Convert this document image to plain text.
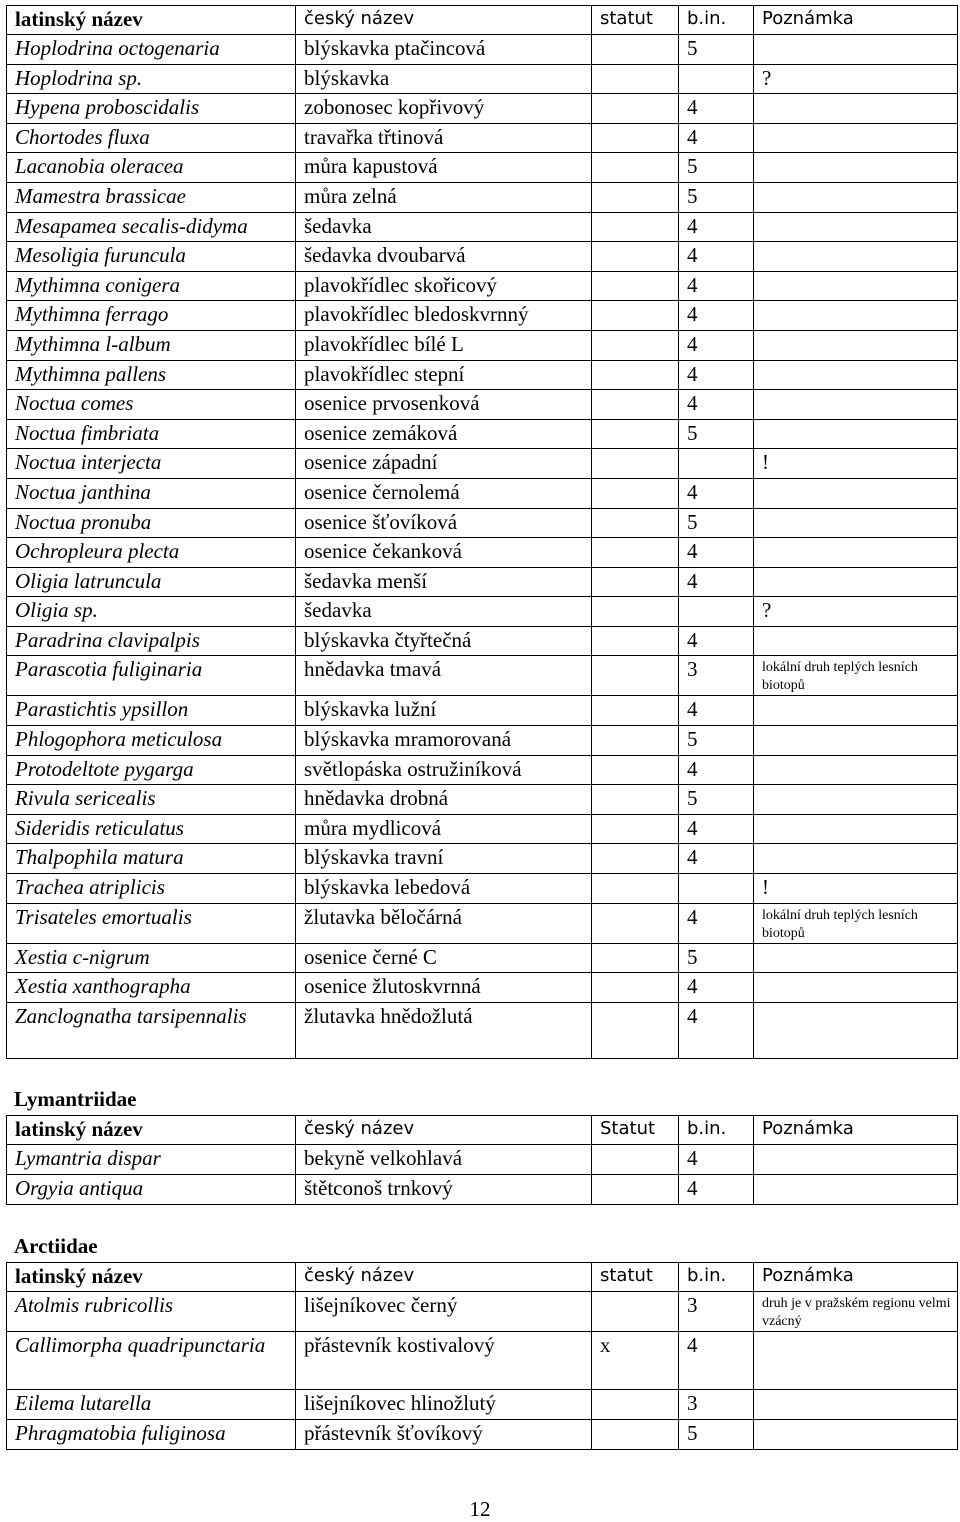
latinský název	český název	statut	b.in.	Poznámka
Hoplodrina octogenaria	blýskavka ptačincová		5	
Hoplodrina sp.	blýskavka			?
Hypena proboscidalis	zobonosec kopřivový		4	
Chortodes fluxa	travařka třtinová		4	
Lacanobia oleracea	můra kapustová		5	
Mamestra brassicae	můra zelná		5	
Mesapamea secalis-didyma	šedavka		4	
Mesoligia furuncula	šedavka dvoubarvá		4	
Mythimna conigera	plavokřídlec skořicový		4	
Mythimna ferrago	plavokřídlec bledoskvrnný		4	
Mythimna l-album	plavokřídlec bílé L		4	
Mythimna pallens	plavokřídlec stepní		4	
Noctua comes	osenice prvosenková		4	
Noctua fimbriata	osenice zemáková		5	
Noctua interjecta	osenice západní			!
Noctua janthina	osenice černolemá		4	
Noctua pronuba	osenice šťovíková		5	
Ochropleura plecta	osenice čekanková		4	
Oligia latruncula	šedavka menší		4	
Oligia sp.	šedavka			?
Paradrina clavipalpis	blýskavka čtyřtečná		4	
Parascotia fuliginaria	hnědavka tmavá		3	lokální druh teplých lesních biotopů
Parastichtis ypsillon	blýskavka lužní		4	
Phlogophora meticulosa	blýskavka mramorovaná		5	
Protodeltote pygarga	světlopáska ostružiníková		4	
Rivula sericealis	hnědavka drobná		5	
Sideridis reticulatus	můra mydlicová		4	
Thalpophila matura	blýskavka travní		4	
Trachea atriplicis	blýskavka lebedová			!
Trisateles emortualis	žlutavka běločárná		4	lokální druh teplých lesních biotopů
Xestia c-nigrum	osenice černé C		5	
Xestia xanthographa	osenice žlutoskvrnná		4	
Zanclognatha tarsipennalis	žlutavka hnědožlutá		4	
Lymantriidae
latinský název	český název	Statut	b.in.	Poznámka
Lymantria dispar	bekyně velkohlavá		4	
Orgyia antiqua	štětconoš trnkový		4	
Arctiidae
latinský název	český název	statut	b.in.	Poznámka
Atolmis rubricollis	lišejníkovec černý		3	druh je v pražském regionu velmi vzácný
Callimorpha quadripunctaria	přástevník kostivalový	x	4	
Eilema lutarella	lišejníkovec hlinožlutý		3	
Phragmatobia fuliginosa	přástevník šťovíkový		5	
12
